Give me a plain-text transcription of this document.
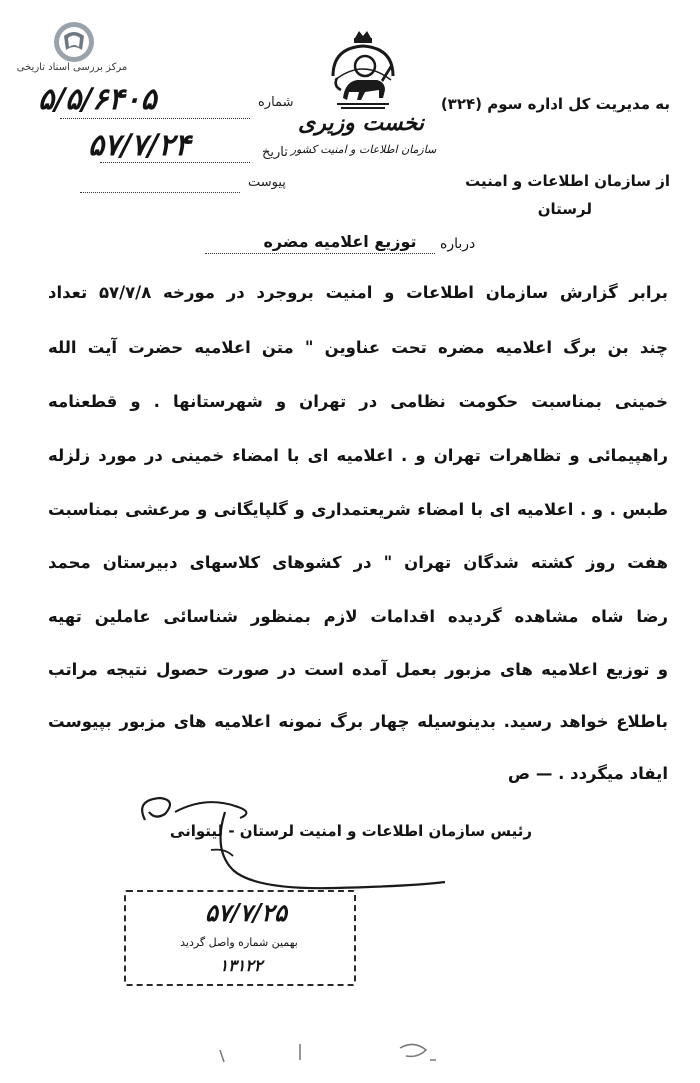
مرکز بررسی اسناد تاریخی
به مدیریت کل اداره سوم (۳۲۴)
نخست وزیری
سازمان اطلاعات و امنیت کشور
از سازمان اطلاعات و امنیت
لرستان
شماره
تاریخ
پیوست
۵/۵/۶۴۰۵
۵۷/۷/۲۴
درباره
توزیع اعلامیه مضره
برابر گزارش سازمان اطلاعات و امنیت بروجرد در مورخه ۵۷/۷/۸ تعداد
چند بن برگ اعلامیه مضره تحت عناوین " متن اعلامیه حضرت آیت الله
خمینی بمناسبت حکومت نظامی در تهران و شهرستانها . و قطعنامه
راهپیمائی و تظاهرات تهران و . اعلامیه ای با امضاء خمینی در مورد زلزله
طبس . و . اعلامیه ای با امضاء شریعتمداری و گلپایگانی و مرعشی بمناسبت
هفت روز کشته شدگان تهران " در کشوهای کلاسهای دبیرستان محمد
رضا شاه مشاهده گردیده اقدامات لازم بمنظور شناسائی عاملین تهیه
و توزیع اعلامیه های مزبور بعمل آمده است در صورت حصول نتیجه مراتب
باطلاع خواهد رسید. بدینوسیله چهار برگ نمونه اعلامیه های مزبور بپیوست
ایفاد میگردد . — ص
رئیس سازمان اطلاعات و امنیت لرستان - لیتوانی
۵۷/۷/۲۵
بهمین شماره واصل گردید
۱۳۱۲۲
